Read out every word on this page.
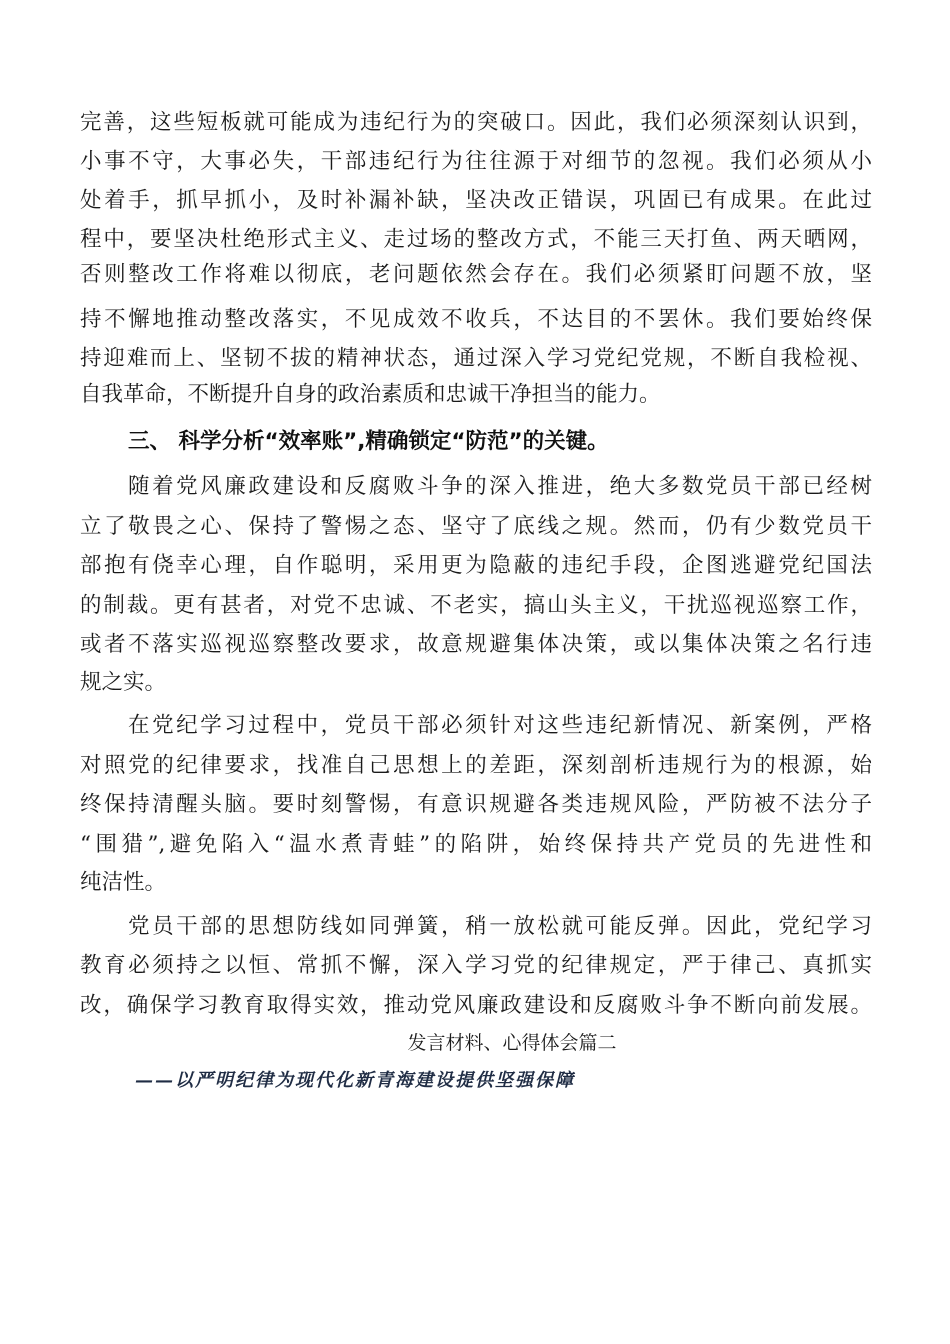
完善，这些短板就可能成为违纪行为的突破口。因此，我们必须深刻认识到，
小事不守，大事必失，干部违纪行为往往源于对细节的忽视。我们必须从小
处着手，抓早抓小，及时补漏补缺，坚决改正错误，巩固已有成果。在此过
程中，要坚决杜绝形式主义、走过场的整改方式，不能三天打鱼、两天晒网，
否则整改工作将难以彻底，老问题依然会存在。我们必须紧盯问题不放，坚
持不懈地推动整改落实，不见成效不收兵，不达目的不罢休。我们要始终保
持迎难而上、坚韧不拔的精神状态，通过深入学习党纪党规，不断自我检视、
自我革命，不断提升自身的政治素质和忠诚干净担当的能力。
三、 科学分析“效率账”,精确锁定“防范”的关键。
随着党风廉政建设和反腐败斗争的深入推进，绝大多数党员干部已经树
立了敬畏之心、保持了警惕之态、坚守了底线之规。然而，仍有少数党员干
部抱有侥幸心理，自作聪明，采用更为隐蔽的违纪手段，企图逃避党纪国法
的制裁。更有甚者，对党不忠诚、不老实，搞山头主义，干扰巡视巡察工作，
或者不落实巡视巡察整改要求，故意规避集体决策，或以集体决策之名行违
规之实。
在党纪学习过程中，党员干部必须针对这些违纪新情况、新案例，严格
对照党的纪律要求，找准自己思想上的差距，深刻剖析违规行为的根源，始
终保持清醒头脑。要时刻警惕，有意识规避各类违规风险，严防被不法分子
“围猎”,避免陷入“温水煮青蛙”的陷阱，始终保持共产党员的先进性和
纯洁性。
党员干部的思想防线如同弹簧，稍一放松就可能反弹。因此，党纪学习
教育必须持之以恒、常抓不懈，深入学习党的纪律规定，严于律己、真抓实
改，确保学习教育取得实效，推动党风廉政建设和反腐败斗争不断向前发展。
发言材料、心得体会篇二
——以严明纪律为现代化新青海建设提供坚强保障
